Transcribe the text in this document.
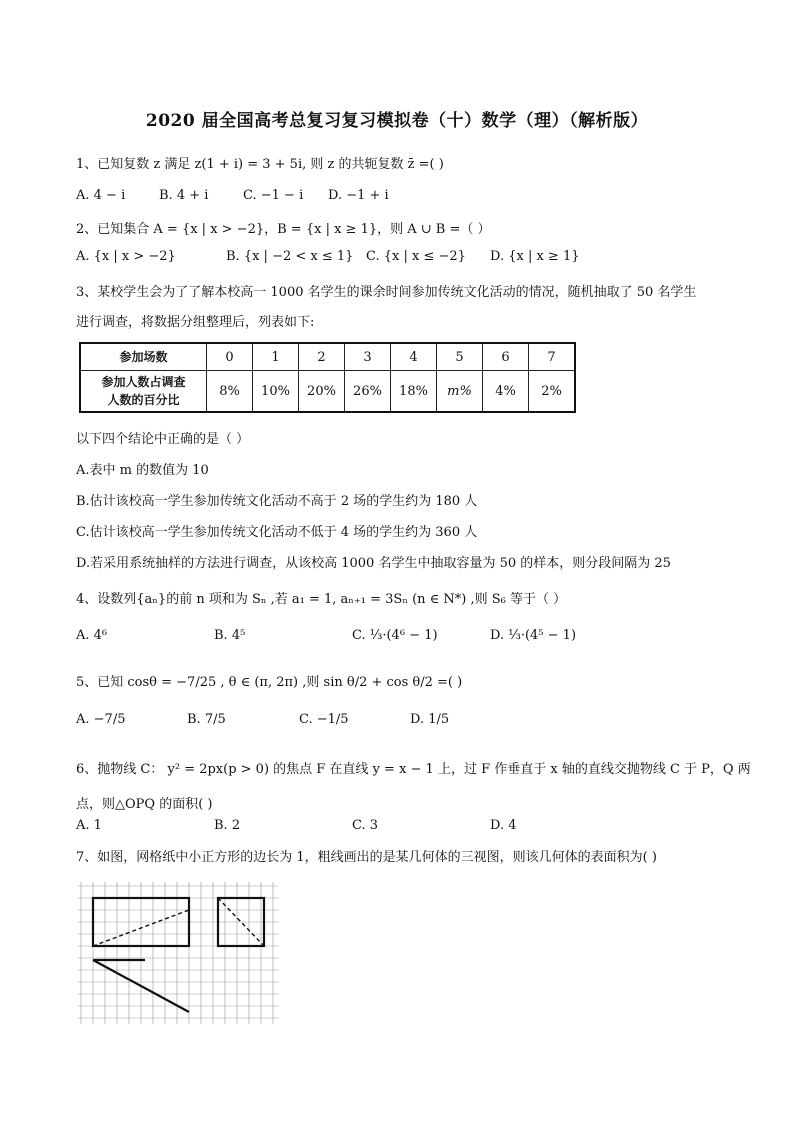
2020 届全国高考总复习复习模拟卷（十）数学（理）（解析版）
1、已知复数 z 满足 z(1 + i) = 3 + 5i, 则 z 的共轭复数 z̄ =( )
A. 4 − i	B. 4 + i	C. −1 − i D. −1 + i
2、已知集合 A = {x | x > −2}，B = {x | x ≥ 1}，则 A ∪ B =（ ）
A. {x | x > −2}	B. {x | −2 < x ≤ 1} C. {x | x ≤ −2} D. {x | x ≥ 1}
3、某校学生会为了了解本校高一 1000 名学生的课余时间参加传统文化活动的情况，随机抽取了 50 名学生
进行调查，将数据分组整理后，列表如下:
参加场数	0	1	2	3	4	5	6	7

参加人数占调查
人数的百分比	8%	10%	20%	26%	18%	m%	4%	2%
以下四个结论中正确的是（ ）
A.表中 m 的数值为 10
B.估计该校高一学生参加传统文化活动不高于 2 场的学生约为 180 人
C.估计该校高一学生参加传统文化活动不低于 4 场的学生约为 360 人
D.若采用系统抽样的方法进行调查，从该校高 1000 名学生中抽取容量为 50 的样本，则分段间隔为 25
4、设数列{aₙ}的前 n 项和为 Sₙ ,若 a₁ = 1, aₙ₊₁ = 3Sₙ (n ∈ N*) ,则 S₆ 等于（ ）
A. 4⁶	B. 4⁵	C. ⅓·(4⁶ − 1)	D. ⅓·(4⁵ − 1)
5、已知 cosθ = −7/25 , θ ∈ (π, 2π) ,则 sin θ/2 + cos θ/2 =( )
A. −7/5	B. 7/5	C. −1/5	D. 1/5
6、抛物线 C： y² = 2px(p > 0) 的焦点 F 在直线 y = x − 1 上，过 F 作垂直于 x 轴的直线交抛物线 C 于 P，Q 两
点，则△OPQ 的面积( )
A. 1	B. 2	C. 3	D. 4
7、如图，网格纸中小正方形的边长为 1，粗线画出的是某几何体的三视图，则该几何体的表面积为( )
